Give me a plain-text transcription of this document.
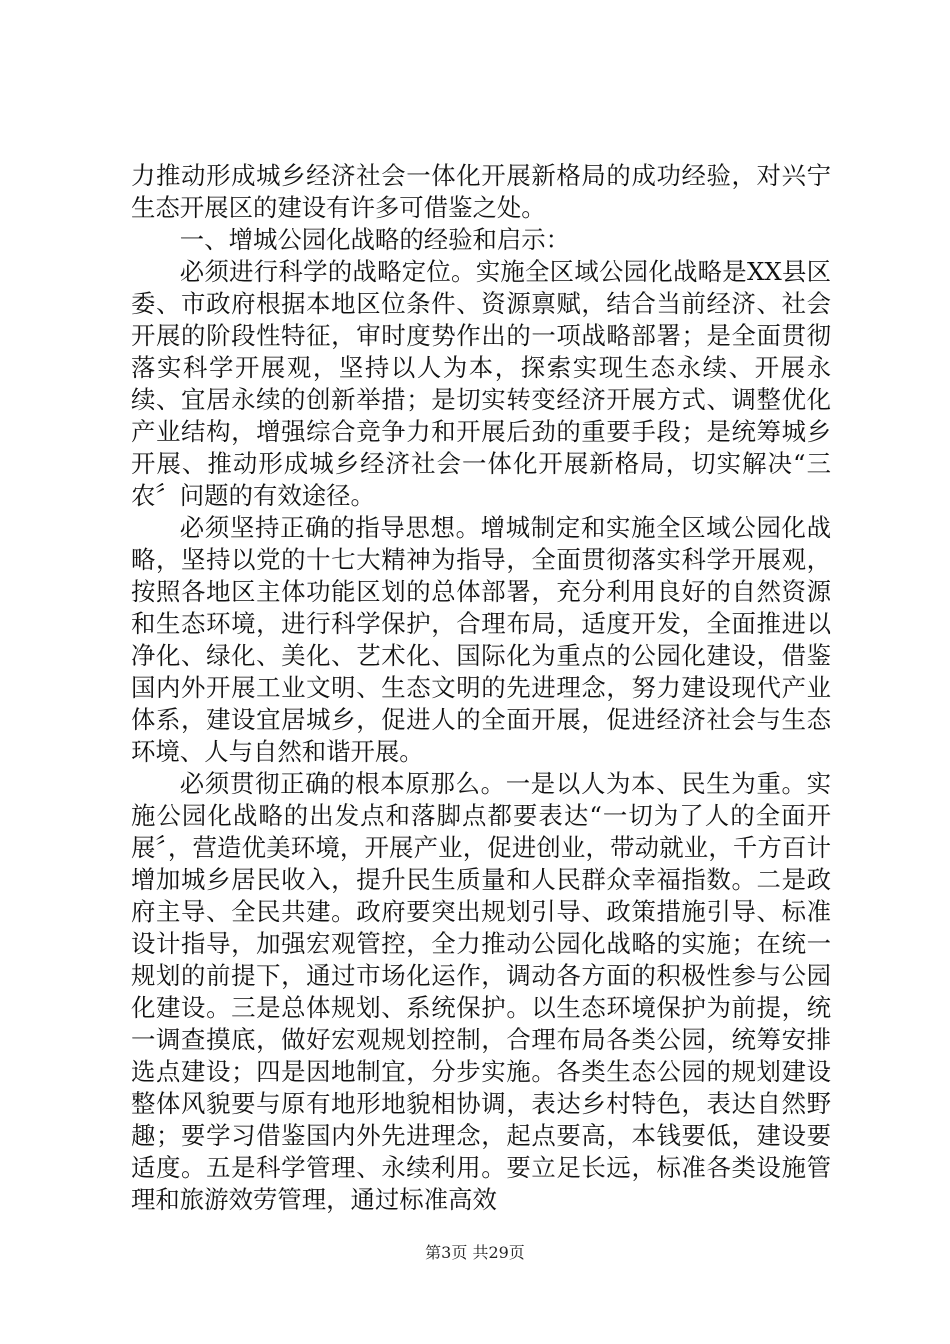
力推动形成城乡经济社会一体化开展新格局的成功经验，对兴宁生态开展区的建设有许多可借鉴之处。

一、增城公园化战略的经验和启示：

必须进行科学的战略定位。实施全区域公园化战略是XX县区委、市政府根据本地区位条件、资源禀赋，结合当前经济、社会开展的阶段性特征，审时度势作出的一项战略部署；是全面贯彻落实科学开展观，坚持以人为本，探索实现生态永续、开展永续、宜居永续的创新举措；是切实转变经济开展方式、调整优化产业结构，增强综合竞争力和开展后劲的重要手段；是统筹城乡开展、推动形成城乡经济社会一体化开展新格局，切实解决“三农〞问题的有效途径。

必须坚持正确的指导思想。增城制定和实施全区域公园化战略，坚持以党的十七大精神为指导，全面贯彻落实科学开展观，按照各地区主体功能区划的总体部署，充分利用良好的自然资源和生态环境，进行科学保护，合理布局，适度开发，全面推进以净化、绿化、美化、艺术化、国际化为重点的公园化建设，借鉴国内外开展工业文明、生态文明的先进理念，努力建设现代产业体系，建设宜居城乡，促进人的全面开展，促进经济社会与生态环境、人与自然和谐开展。

必须贯彻正确的根本原那么。一是以人为本、民生为重。实施公园化战略的出发点和落脚点都要表达“一切为了人的全面开展〞，营造优美环境，开展产业，促进创业，带动就业，千方百计增加城乡居民收入，提升民生质量和人民群众幸福指数。二是政府主导、全民共建。政府要突出规划引导、政策措施引导、标准设计指导，加强宏观管控，全力推动公园化战略的实施；在统一规划的前提下，通过市场化运作，调动各方面的积极性参与公园化建设。三是总体规划、系统保护。以生态环境保护为前提，统一调查摸底，做好宏观规划控制，合理布局各类公园，统筹安排选点建设；四是因地制宜，分步实施。各类生态公园的规划建设整体风貌要与原有地形地貌相协调，表达乡村特色，表达自然野趣；要学习借鉴国内外先进理念，起点要高，本钱要低，建设要适度。五是科学管理、永续利用。要立足长远，标准各类设施管理和旅游效劳管理，通过标准高效

第3页 共29页
